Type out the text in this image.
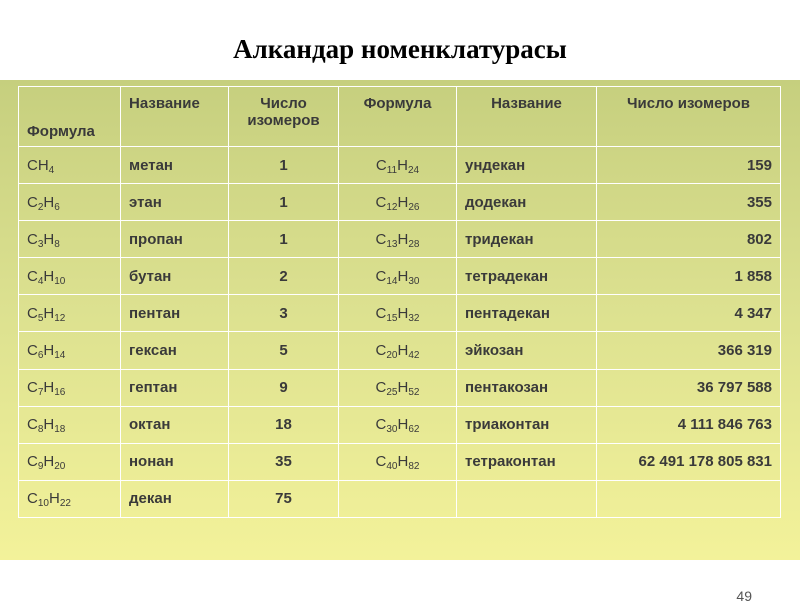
Алкандар номенклатурасы
Формула	Название	Число изомеров	Формула	Название	Число изомеров
$CH_4$	метан	1	$C_{11}H_{24}$	ундекан	159
$C_2H_6$	этан	1	$C_{12}H_{26}$	додекан	355
$C_3H_8$	пропан	1	$C_{13}H_{28}$	тридекан	802
$C_4H_{10}$	бутан	2	$C_{14}H_{30}$	тетрадекан	1 858
$C_5H_{12}$	пентан	3	$C_{15}H_{32}$	пентадекан	4 347
$C_6H_{14}$	гексан	5	$C_{20}H_{42}$	эйкозан	366 319
$C_7H_{16}$	гептан	9	$C_{25}H_{52}$	пентакозан	36 797 588
$C_8H_{18}$	октан	18	$C_{30}H_{62}$	триаконтан	4 111 846 763
$C_9H_{20}$	нонан	35	$C_{40}H_{82}$	тетраконтан	62 491 178 805 831
$C_{10}H_{22}$	декан	75			
49
